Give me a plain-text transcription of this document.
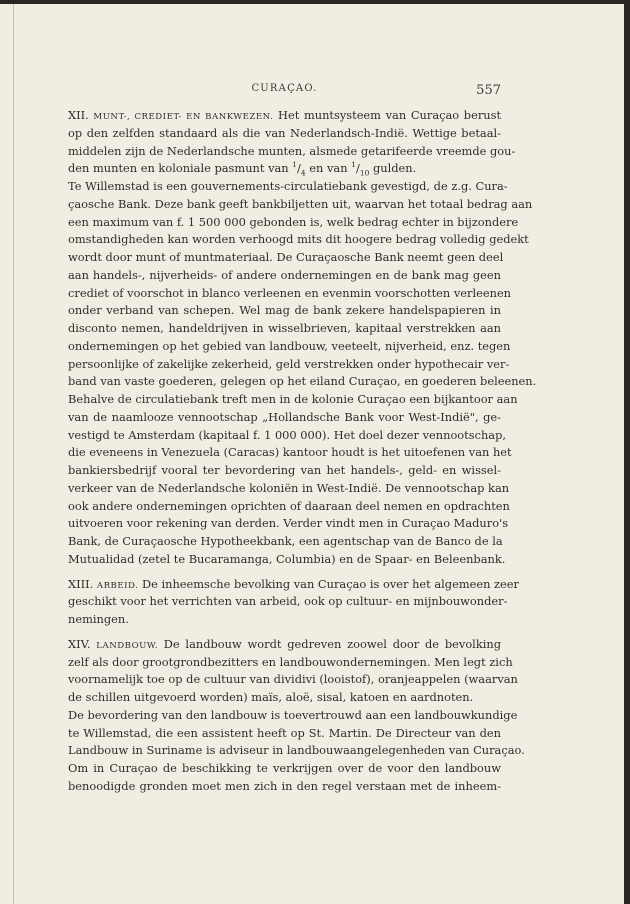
CURAÇAO.	557
XII. MUNT-, CREDIET- EN BANKWEZEN. Het muntsysteem van Curaçao berust
op den zelfden standaard als die van Nederlandsch-Indië. Wettige betaal-
middelen zijn de Nederlandsche munten, alsmede getarifeerde vreemde gou-
den munten en koloniale pasmunt van $^1/_4$ en van $^1/_{10}$ gulden.
Te Willemstad is een gouvernements-circulatiebank gevestigd, de z.g. Cura-
çaosche Bank. Deze bank geeft bankbiljetten uit, waarvan het totaal bedrag aan
een maximum van f. 1 500 000 gebonden is, welk bedrag echter in bijzondere
omstandigheden kan worden verhoogd mits dit hoogere bedrag volledig gedekt
wordt door munt of muntmateriaal. De Curaçaosche Bank neemt geen deel
aan handels-, nijverheids- of andere ondernemingen en de bank mag geen
crediet of voorschot in blanco verleenen en evenmin voorschotten verleenen
onder verband van schepen. Wel mag de bank zekere handelspapieren in
disconto nemen, handeldrijven in wisselbrieven, kapitaal verstrekken aan
ondernemingen op het gebied van landbouw, veeteelt, nijverheid, enz. tegen
persoonlijke of zakelijke zekerheid, geld verstrekken onder hypothecair ver-
band van vaste goederen, gelegen op het eiland Curaçao, en goederen beleenen.
Behalve de circulatiebank treft men in de kolonie Curaçao een bijkantoor aan
van de naamlooze vennootschap „Hollandsche Bank voor West-Indië", ge-
vestigd te Amsterdam (kapitaal f. 1 000 000). Het doel dezer vennootschap,
die eveneens in Venezuela (Caracas) kantoor houdt is het uitoefenen van het
bankiersbedrijf vooral ter bevordering van het handels-, geld- en wissel-
verkeer van de Nederlandsche koloniën in West-Indië. De vennootschap kan
ook andere ondernemingen oprichten of daaraan deel nemen en opdrachten
uitvoeren voor rekening van derden. Verder vindt men in Curaçao Maduro's
Bank, de Curaçaosche Hypotheekbank, een agentschap van de Banco de la
Mutualidad (zetel te Bucaramanga, Columbia) en de Spaar- en Beleenbank.
XIII. ARBEID. De inheemsche bevolking van Curaçao is over het algemeen zeer
geschikt voor het verrichten van arbeid, ook op cultuur- en mijnbouwonder-
nemingen.
XIV. LANDBOUW. De landbouw wordt gedreven zoowel door de bevolking
zelf als door grootgrondbezitters en landbouwondernemingen. Men legt zich
voornamelijk toe op de cultuur van dividivi (looistof), oranjeappelen (waarvan
de schillen uitgevoerd worden) maïs, aloë, sisal, katoen en aardnoten.
De bevordering van den landbouw is toevertrouwd aan een landbouwkundige
te Willemstad, die een assistent heeft op St. Martin. De Directeur van den
Landbouw in Suriname is adviseur in landbouwaangelegenheden van Curaçao.
Om in Curaçao de beschikking te verkrijgen over de voor den landbouw
benoodigde gronden moet men zich in den regel verstaan met de inheem-
